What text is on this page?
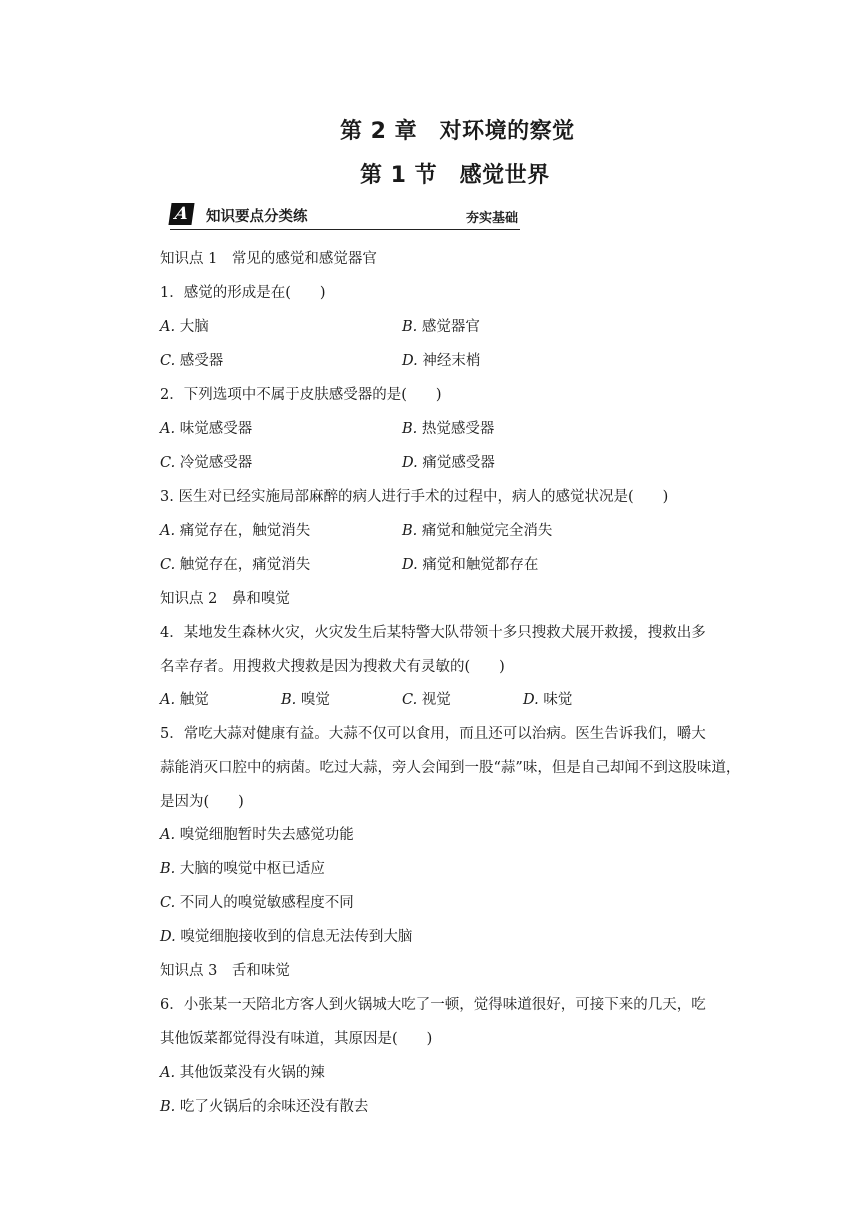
第 2 章　对环境的察觉
第 1 节　感觉世界
A	知识要点分类练	夯实基础
知识点 1　常见的感觉和感觉器官
1．感觉的形成是在(　　)
A. 大脑	B. 感觉器官
C. 感受器	D. 神经末梢
2．下列选项中不属于皮肤感受器的是(　　)
A. 味觉感受器	B. 热觉感受器
C. 冷觉感受器	D. 痛觉感受器
3. 医生对已经实施局部麻醉的病人进行手术的过程中，病人的感觉状况是(　　)
A. 痛觉存在，触觉消失	B. 痛觉和触觉完全消失
C. 触觉存在，痛觉消失	D. 痛觉和触觉都存在
知识点 2　鼻和嗅觉
4．某地发生森林火灾，火灾发生后某特警大队带领十多只搜救犬展开救援，搜救出多
名幸存者。用搜救犬搜救是因为搜救犬有灵敏的(　　)
A. 触觉	B. 嗅觉	C. 视觉	D. 味觉
5．常吃大蒜对健康有益。大蒜不仅可以食用，而且还可以治病。医生告诉我们，嚼大
蒜能消灭口腔中的病菌。吃过大蒜，旁人会闻到一股“蒜”味，但是自己却闻不到这股味道，
是因为(　　)
A. 嗅觉细胞暂时失去感觉功能
B. 大脑的嗅觉中枢已适应
C. 不同人的嗅觉敏感程度不同
D. 嗅觉细胞接收到的信息无法传到大脑
知识点 3　舌和味觉
6．小张某一天陪北方客人到火锅城大吃了一顿，觉得味道很好，可接下来的几天，吃
其他饭菜都觉得没有味道，其原因是(　　)
A. 其他饭菜没有火锅的辣
B. 吃了火锅后的余味还没有散去
